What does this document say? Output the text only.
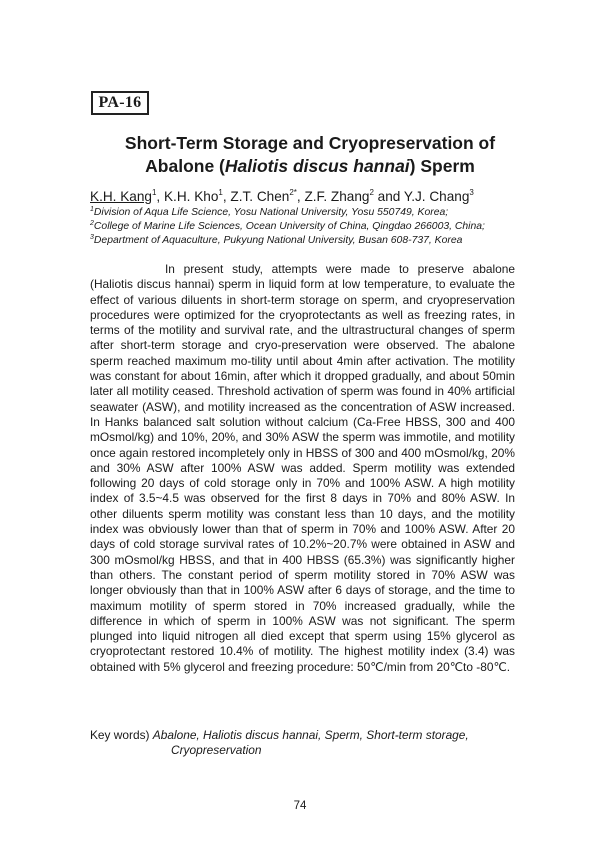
PA-16
Short-Term Storage and Cryopreservation of
Abalone (Haliotis discus hannai) Sperm
K.H. Kang$^1$, K.H. Kho$^1$, Z.T. Chen$^{2*}$, Z.F. Zhang$^2$ and Y.J. Chang$^3$
$^1$Division of Aqua Life Science, Yosu National University, Yosu 550749, Korea;
$^2$College of Marine Life Sciences, Ocean University of China, Qingdao 266003, China;
$^3$Department of Aquaculture, Pukyung National University, Busan 608-737, Korea

In present study, attempts were made to preserve abalone (Haliotis discus hannai) sperm in liquid form at low temperature, to evaluate the effect of various diluents in short-term storage on sperm, and cryopreservation procedures were optimized for the cryoprotectants as well as freezing rates, in terms of the motility and survival rate, and the ultrastructural changes of sperm after short-term storage and cryo-preservation were observed. The abalone sperm reached maximum mo-tility until about 4min after activation. The motility was constant for about 16min, after which it dropped gradually, and about 50min later all motility ceased. Threshold activation of sperm was found in 40% artificial seawater (ASW), and motility increased as the concentration of ASW increased. In Hanks balanced salt solution without calcium (Ca-Free HBSS, 300 and 400 mOsmol/kg) and 10%, 20%, and 30% ASW the sperm was immotile, and motility once again restored incompletely only in HBSS of 300 and 400 mOsmol/kg, 20% and 30% ASW after 100% ASW was added. Sperm motility was extended following 20 days of cold storage only in 70% and 100% ASW. A high motility index of 3.5~4.5 was observed for the first 8 days in 70% and 80% ASW. In other diluents sperm motility was constant less than 10 days, and the motility index was obviously lower than that of sperm in 70% and 100% ASW. After 20 days of cold storage survival rates of 10.2%~20.7% were obtained in ASW and 300 mOsmol/kg HBSS, and that in 400 HBSS (65.3%) was significantly higher than others. The constant period of sperm motility stored in 70% ASW was longer obviously than that in 100% ASW after 6 days of storage, and the time to maximum motility of sperm stored in 70% increased gradually, while the difference in which of sperm in 100% ASW was not significant. The sperm plunged into liquid nitrogen all died except that sperm using 15% glycerol as cryoprotectant restored 10.4% of motility. The highest motility index (3.4) was obtained with 5% glycerol and freezing procedure: 50℃/min from 20℃to -80℃.

Key words) Abalone, Haliotis discus hannai, Sperm, Short-term storage,
Cryopreservation
74
